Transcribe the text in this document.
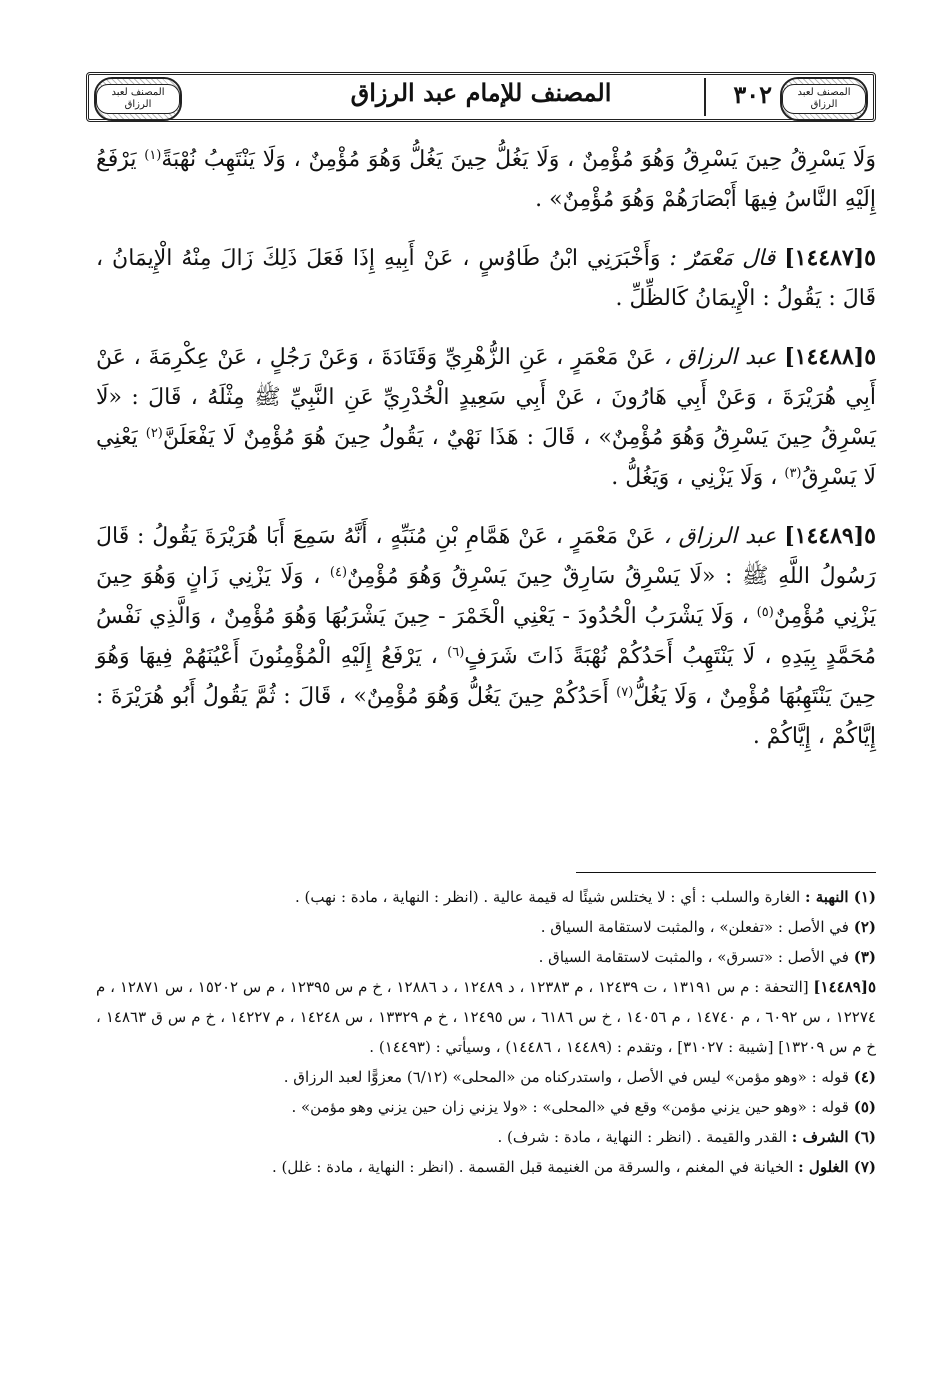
المصنف لعبد الرزاق
المصنف لعبد الرزاق
٣٠٢
المصنف للإمام عبد الرزاق

وَلَا يَسْرِقُ حِينَ يَسْرِقُ وَهُوَ مُؤْمِنٌ ، وَلَا يَغُلُّ حِينَ يَغُلُّ وَهُوَ مُؤْمِنٌ ، وَلَا يَنْتَهِبُ نُهْبَةً$^{(١)}$ يَرْفَعُ إِلَيْهِ النَّاسُ فِيهَا أَبْصَارَهُمْ وَهُوَ مُؤْمِنٌ» .

٥[١٤٤٨٧] قال مَعْمَرٌ : وَأَخْبَرَنِي ابْنُ طَاوُسٍ ، عَنْ أَبِيهِ إِذَا فَعَلَ ذَلِكَ زَالَ مِنْهُ الْإِيمَانُ ، قَالَ : يَقُولُ : الْإِيمَانُ كَالظِّلِّ .

٥[١٤٤٨٨] عبد الرزاق ، عَنْ مَعْمَرٍ ، عَنِ الزُّهْرِيِّ وَقَتَادَةَ ، وَعَنْ رَجُلٍ ، عَنْ عِكْرِمَةَ ، عَنْ أَبِي هُرَيْرَةَ ، وَعَنْ أَبِي هَارُونَ ، عَنْ أَبِي سَعِيدٍ الْخُدْرِيِّ عَنِ النَّبِيِّ ﷺ مِثْلَهُ ، قَالَ : «لَا يَسْرِقُ حِينَ يَسْرِقُ وَهُوَ مُؤْمِنٌ» ، قَالَ : هَذَا نَهْيٌ ، يَقُولُ حِينَ هُوَ مُؤْمِنٌ لَا يَفْعَلَنَّ$^{(٢)}$ يَعْنِي لَا يَسْرِقُ$^{(٣)}$ ، وَلَا يَزْنِي ، وَيَغُلُّ .

٥[١٤٤٨٩] عبد الرزاق ، عَنْ مَعْمَرٍ ، عَنْ هَمَّامِ بْنِ مُنَبِّهٍ ، أَنَّهُ سَمِعَ أَبَا هُرَيْرَةَ يَقُولُ : قَالَ رَسُولُ اللَّهِ ﷺ : «لَا يَسْرِقُ سَارِقٌ حِينَ يَسْرِقُ وَهُوَ مُؤْمِنٌ$^{(٤)}$ ، وَلَا يَزْنِي زَانٍ وَهُوَ حِينَ يَزْنِي مُؤْمِنٌ$^{(٥)}$ ، وَلَا يَشْرَبُ الْحُدُودَ - يَعْنِي الْخَمْرَ - حِينَ يَشْرَبُهَا وَهُوَ مُؤْمِنٌ ، وَالَّذِي نَفْسُ مُحَمَّدٍ بِيَدِهِ ، لَا يَنْتَهِبُ أَحَدُكُمْ نُهْبَةً ذَاتَ شَرَفٍ$^{(٦)}$ ، يَرْفَعُ إِلَيْهِ الْمُؤْمِنُونَ أَعْيُنَهُمْ فِيهَا وَهُوَ حِينَ يَنْتَهِبُهَا مُؤْمِنٌ ، وَلَا يَغُلُّ$^{(٧)}$ أَحَدُكُمْ حِينَ يَغُلُّ وَهُوَ مُؤْمِنٌ» ، قَالَ : ثُمَّ يَقُولُ أَبُو هُرَيْرَةَ : إِيَّاكُمْ ، إِيَّاكُمْ .

(١) النهبة : الغارة والسلب : أي : لا يختلس شيئًا له قيمة عالية . (انظر : النهاية ، مادة : نهب) .

(٢) في الأصل : «تفعلن» ، والمثبت لاستقامة السياق .

(٣) في الأصل : «تسرق» ، والمثبت لاستقامة السياق .

٥[١٤٤٨٩] [التحفة : م س ١٣١٩١ ، ت ١٢٤٣٩ ، م ١٢٣٨٣ ، د ١٢٤٨٩ ، د ١٢٨٨٦ ، خ م س ١٢٣٩٥ ، م س ١٥٢٠٢ ، س ١٢٨٧١ ، م ١٢٢٧٤ ، س ٦٠٩٢ ، م ١٤٧٤٠ ، م ١٤٠٥٦ ، خ س ٦١٨٦ ، س ١٢٤٩٥ ، خ م ١٣٣٢٩ ، س ١٤٢٤٨ ، م ١٤٢٢٧ ، خ م س ق ١٤٨٦٣ ، خ م س ١٣٢٠٩] [شيبة : ٣١٠٢٧] ، وتقدم : (١٤٤٨٩ ، ١٤٤٨٦) ، وسيأتي : (١٤٤٩٣) .

(٤) قوله : «وهو مؤمن» ليس في الأصل ، واستدركناه من «المحلى» (٦/١٢) معزوًّا لعبد الرزاق .

(٥) قوله : «وهو حين يزني مؤمن» وقع في «المحلى» : «ولا يزني زان حين يزني وهو مؤمن» .

(٦) الشرف : القدر والقيمة . (انظر : النهاية ، مادة : شرف) .

(٧) الغلول : الخيانة في المغنم ، والسرقة من الغنيمة قبل القسمة . (انظر : النهاية ، مادة : غلل) .
